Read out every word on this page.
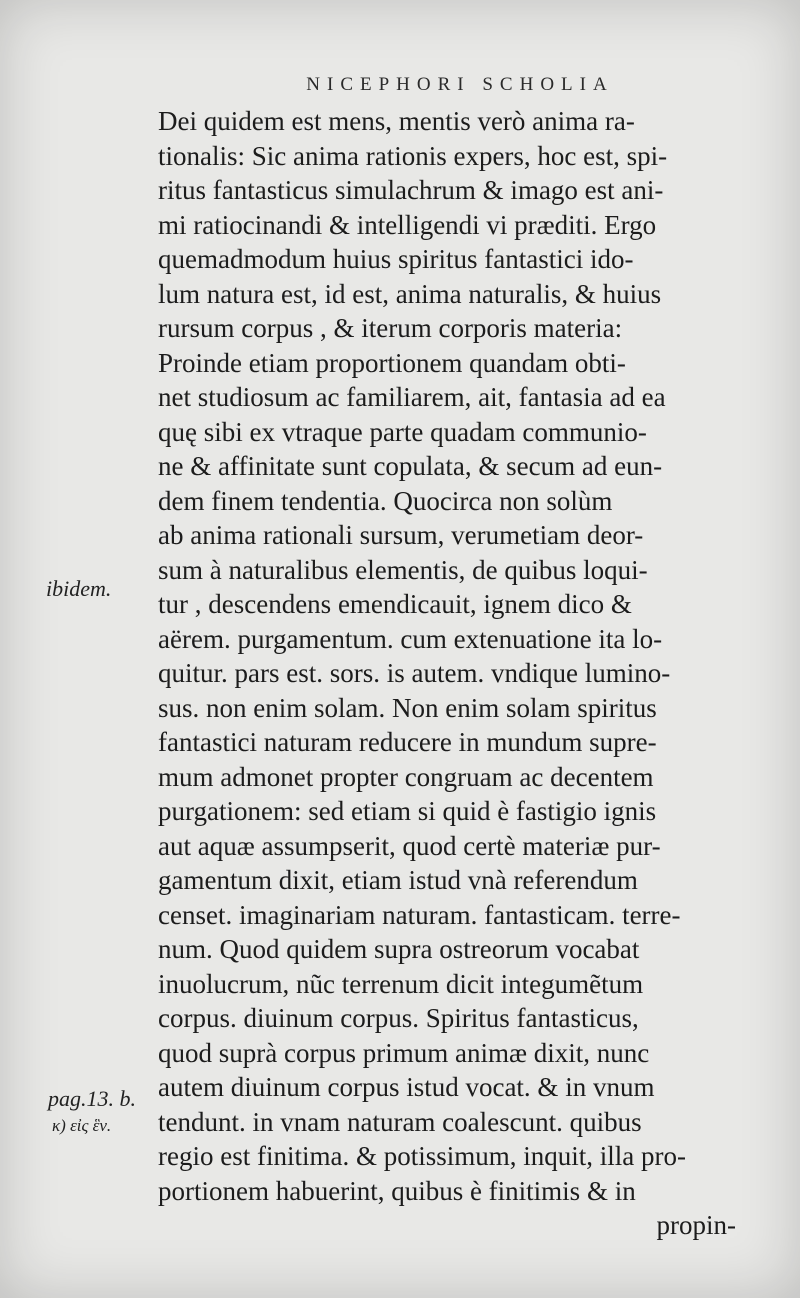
NICEPHORI SCHOLIA
ibidem.
pag.13. b.
κ) εἰς ἓν.
Dei quidem est mens, mentis verò anima ra-
tionalis: Sic anima rationis expers, hoc est, spi-
ritus fantasticus simulachrum & imago est ani-
mi ratiocinandi & intelligendi vi præditi. Ergo
quemadmodum huius spiritus fantastici ido-
lum natura est, id est, anima naturalis, & huius
rursum corpus , & iterum corporis materia:
Proinde etiam proportionem quandam obti-
net studiosum ac familiarem, ait, fantasia ad ea
quę sibi ex vtraque parte quadam communio-
ne & affinitate sunt copulata, & secum ad eun-
dem finem tendentia. Quocirca non solùm
ab anima rationali sursum, verumetiam deor-
sum à naturalibus elementis, de quibus loqui-
tur , descendens emendicauit, ignem dico &
aërem. purgamentum. cum extenuatione ita lo-
quitur. pars est. sors. is autem. vndique lumino-
sus. non enim solam. Non enim solam spiritus
fantastici naturam reducere in mundum supre-
mum admonet propter congruam ac decentem
purgationem: sed etiam si quid è fastigio ignis
aut aquæ assumpserit, quod certè materiæ pur-
gamentum dixit, etiam istud vnà referendum
censet. imaginariam naturam. fantasticam. terre-
num. Quod quidem supra ostreorum vocabat
inuolucrum, nũc terrenum dicit integumẽtum
corpus. diuinum corpus. Spiritus fantasticus,
quod suprà corpus primum animæ dixit, nunc
autem diuinum corpus istud vocat. & in vnum
tendunt. in vnam naturam coalescunt. quibus
regio est finitima. & potissimum, inquit, illa pro-
portionem habuerint, quibus è finitimis & in
propin-
